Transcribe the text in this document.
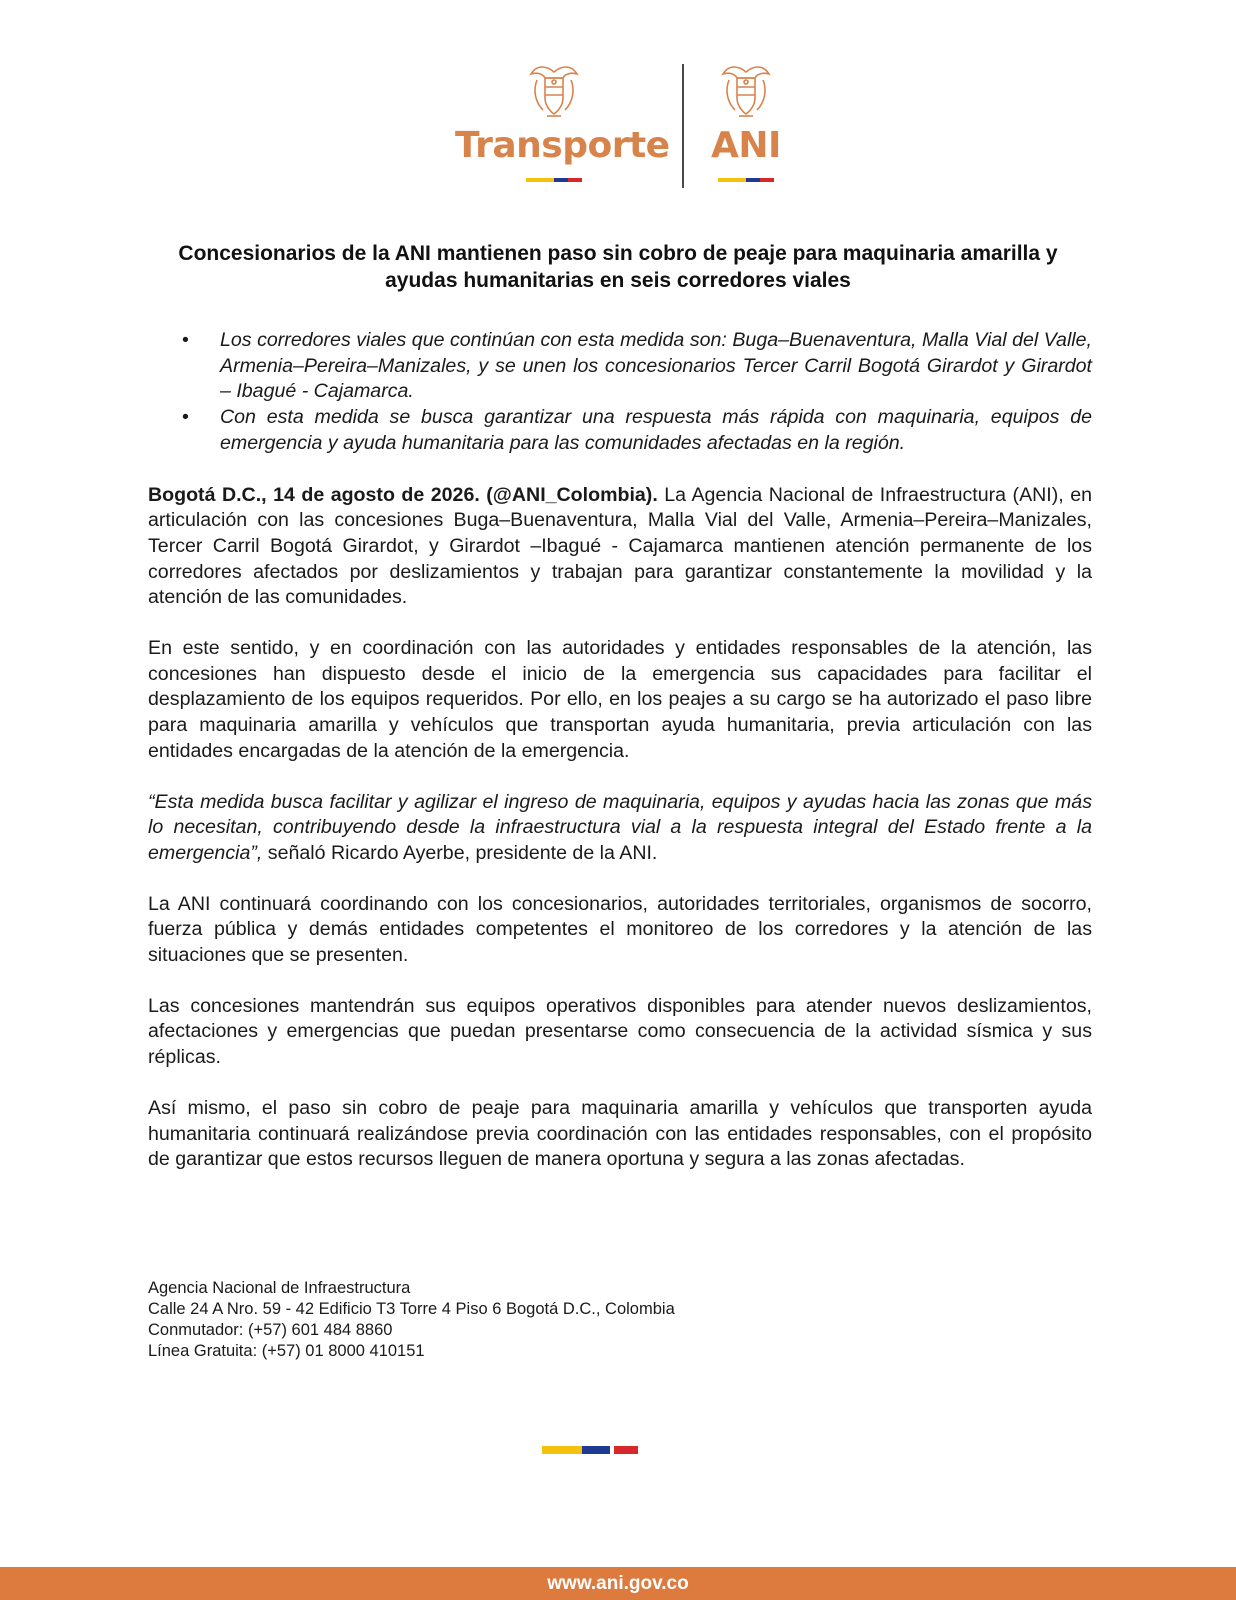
Transporte ANI
Concesionarios de la ANI mantienen paso sin cobro de peaje para maquinaria amarilla y ayudas humanitarias en seis corredores viales
• Los corredores viales que continúan con esta medida son: Buga–Buenaventura, Malla Vial del Valle, Armenia–Pereira–Manizales, y se unen los concesionarios Tercer Carril Bogotá Girardot y Girardot – Ibagué - Cajamarca.
• Con esta medida se busca garantizar una respuesta más rápida con maquinaria, equipos de emergencia y ayuda humanitaria para las comunidades afectadas en la región.

Bogotá D.C., 14 de agosto de 2026. (@ANI_Colombia). La Agencia Nacional de Infraestructura (ANI), en articulación con las concesiones Buga–Buenaventura, Malla Vial del Valle, Armenia–Pereira–Manizales, Tercer Carril Bogotá Girardot, y Girardot –Ibagué - Cajamarca mantienen atención permanente de los corredores afectados por deslizamientos y trabajan para garantizar constantemente la movilidad y la atención de las comunidades.

En este sentido, y en coordinación con las autoridades y entidades responsables de la atención, las concesiones han dispuesto desde el inicio de la emergencia sus capacidades para facilitar el desplazamiento de los equipos requeridos. Por ello, en los peajes a su cargo se ha autorizado el paso libre para maquinaria amarilla y vehículos que transportan ayuda humanitaria, previa articulación con las entidades encargadas de la atención de la emergencia.

“Esta medida busca facilitar y agilizar el ingreso de maquinaria, equipos y ayudas hacia las zonas que más lo necesitan, contribuyendo desde la infraestructura vial a la respuesta integral del Estado frente a la emergencia”, señaló Ricardo Ayerbe, presidente de la ANI.

La ANI continuará coordinando con los concesionarios, autoridades territoriales, organismos de socorro, fuerza pública y demás entidades competentes el monitoreo de los corredores y la atención de las situaciones que se presenten.

Las concesiones mantendrán sus equipos operativos disponibles para atender nuevos deslizamientos, afectaciones y emergencias que puedan presentarse como consecuencia de la actividad sísmica y sus réplicas.

Así mismo, el paso sin cobro de peaje para maquinaria amarilla y vehículos que transporten ayuda humanitaria continuará realizándose previa coordinación con las entidades responsables, con el propósito de garantizar que estos recursos lleguen de manera oportuna y segura a las zonas afectadas.

Agencia Nacional de Infraestructura
Calle 24 A Nro. 59 - 42 Edificio T3 Torre 4 Piso 6 Bogotá D.C., Colombia
Conmutador: (+57) 601 484 8860
Línea Gratuita: (+57) 01 8000 410151
www.ani.gov.co
